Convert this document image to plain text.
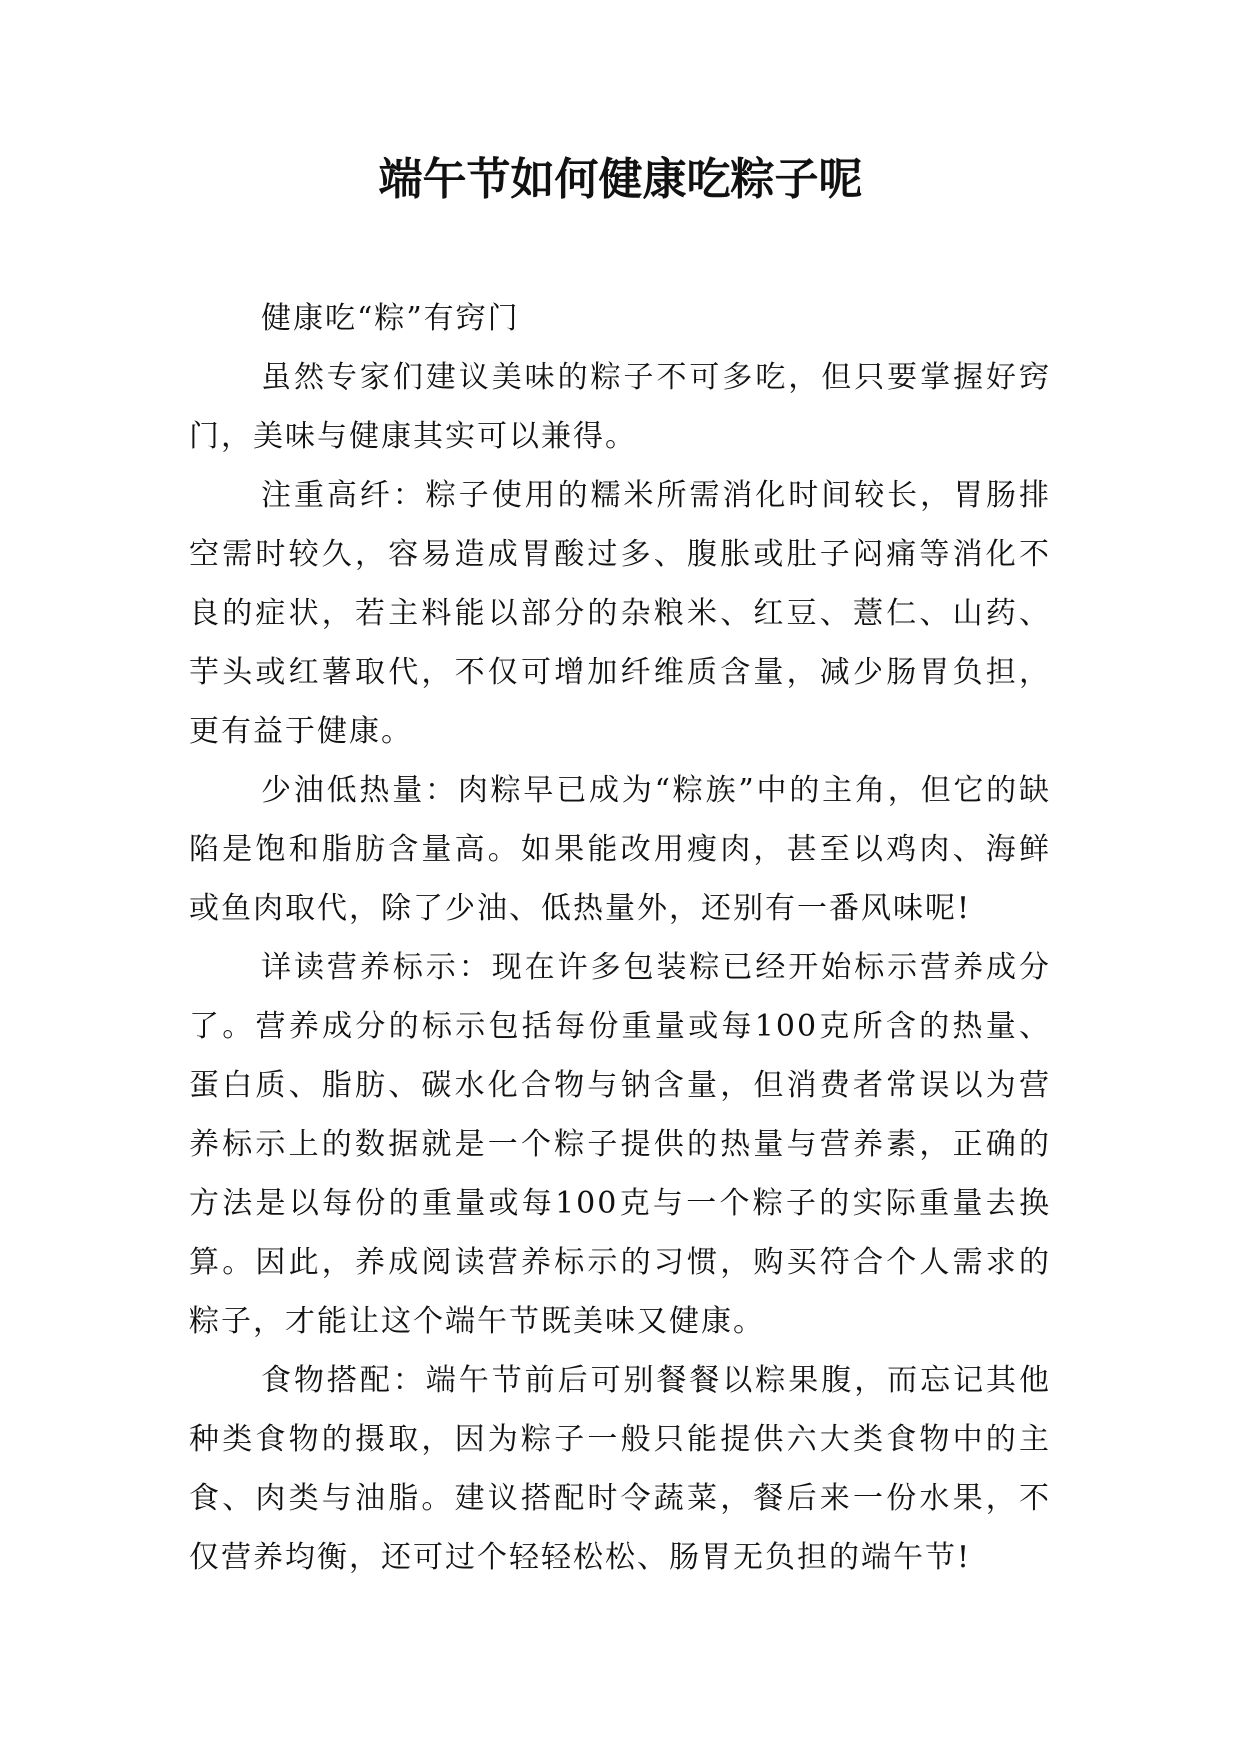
端午节如何健康吃粽子呢

健康吃“粽”有窍门

虽然专家们建议美味的粽子不可多吃，但只要掌握好窍门，美味与健康其实可以兼得。

注重高纤：粽子使用的糯米所需消化时间较长，胃肠排空需时较久，容易造成胃酸过多、腹胀或肚子闷痛等消化不良的症状，若主料能以部分的杂粮米、红豆、薏仁、山药、芋头或红薯取代，不仅可增加纤维质含量，减少肠胃负担，更有益于健康。

少油低热量：肉粽早已成为“粽族”中的主角，但它的缺陷是饱和脂肪含量高。如果能改用瘦肉，甚至以鸡肉、海鲜或鱼肉取代，除了少油、低热量外，还别有一番风味呢!

详读营养标示：现在许多包装粽已经开始标示营养成分了。营养成分的标示包括每份重量或每100克所含的热量、蛋白质、脂肪、碳水化合物与钠含量，但消费者常误以为营养标示上的数据就是一个粽子提供的热量与营养素，正确的方法是以每份的重量或每100克与一个粽子的实际重量去换算。因此，养成阅读营养标示的习惯，购买符合个人需求的粽子，才能让这个端午节既美味又健康。

食物搭配：端午节前后可别餐餐以粽果腹，而忘记其他种类食物的摄取，因为粽子一般只能提供六大类食物中的主食、肉类与油脂。建议搭配时令蔬菜，餐后来一份水果，不仅营养均衡，还可过个轻轻松松、肠胃无负担的端午节!
